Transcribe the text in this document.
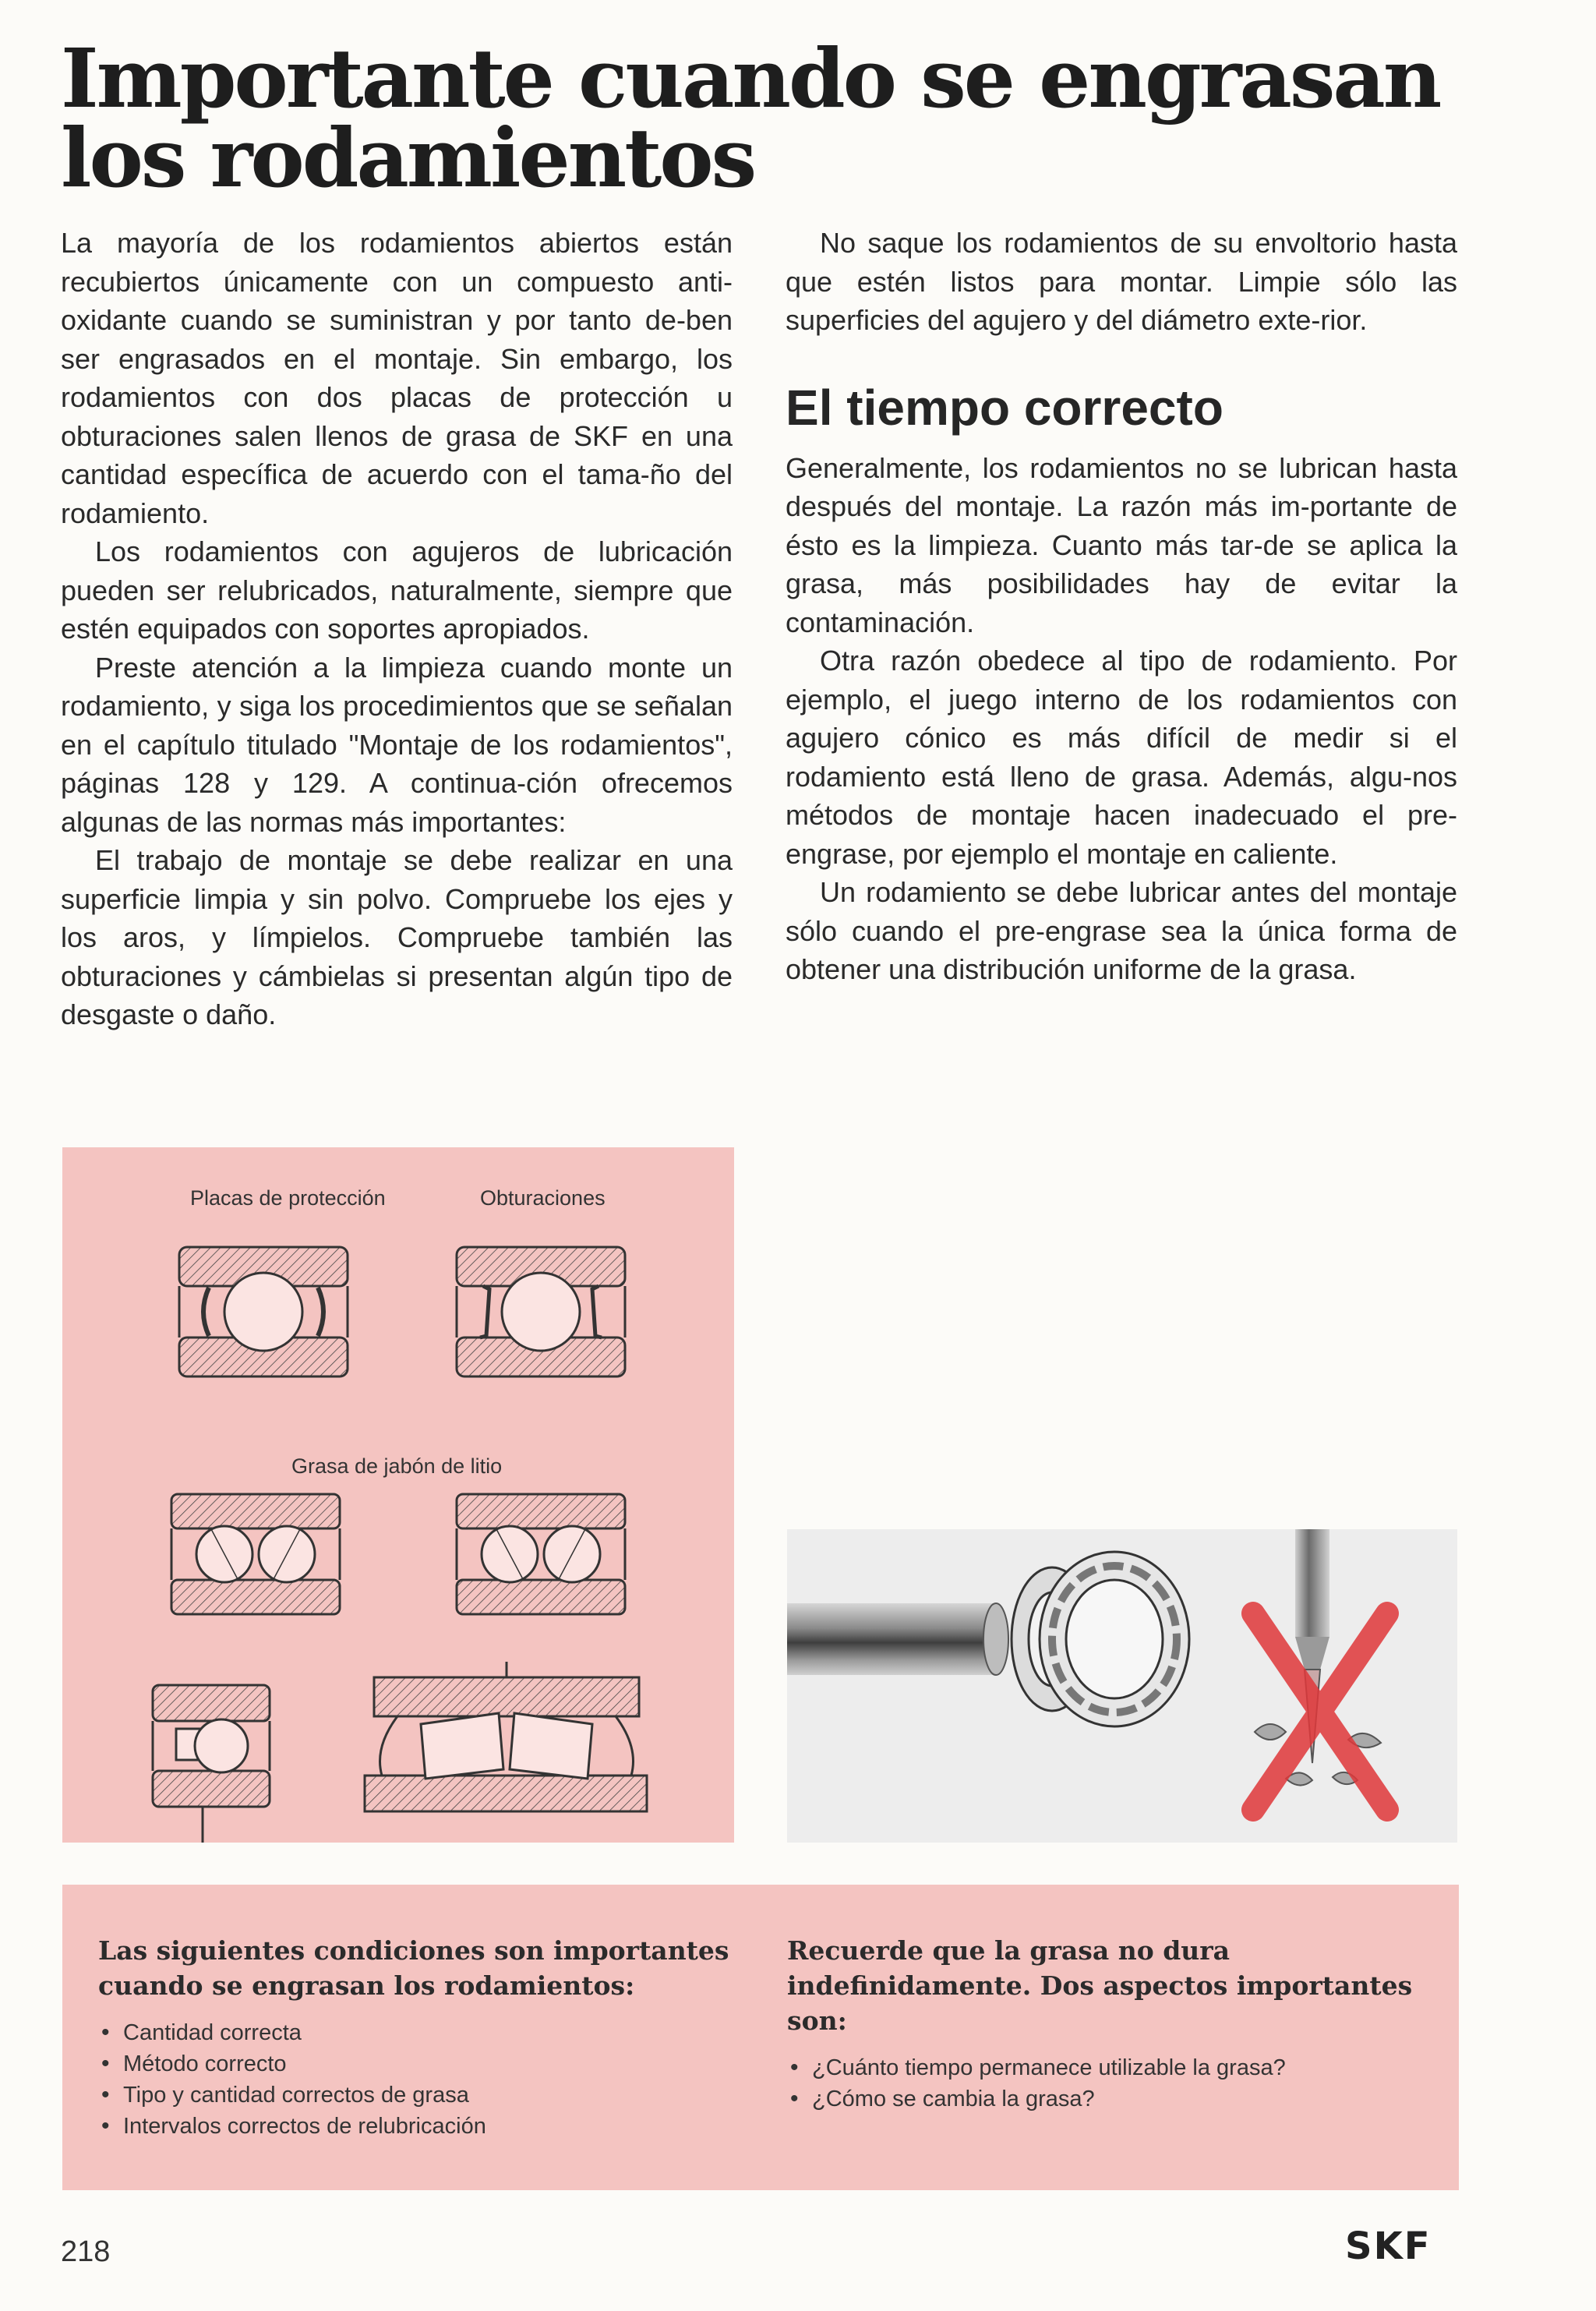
Importante cuando se engrasan los rodamientos

La mayoría de los rodamientos abiertos están recubiertos únicamente con un compuesto anti-oxidante cuando se suministran y por tanto de-ben ser engrasados en el montaje. Sin embargo, los rodamientos con dos placas de protección u obturaciones salen llenos de grasa de SKF en una cantidad específica de acuerdo con el tama-ño del rodamiento.

Los rodamientos con agujeros de lubricación pueden ser relubricados, naturalmente, siempre que estén equipados con soportes apropiados.

Preste atención a la limpieza cuando monte un rodamiento, y siga los procedimientos que se señalan en el capítulo titulado "Montaje de los rodamientos", páginas 128 y 129. A continua-ción ofrecemos algunas de las normas más importantes:

El trabajo de montaje se debe realizar en una superficie limpia y sin polvo. Compruebe los ejes y los aros, y límpielos. Compruebe también las obturaciones y cámbielas si presentan algún tipo de desgaste o daño.

No saque los rodamientos de su envoltorio hasta que estén listos para montar. Limpie sólo las superficies del agujero y del diámetro exte-rior.

El tiempo correcto

Generalmente, los rodamientos no se lubrican hasta después del montaje. La razón más im-portante de ésto es la limpieza. Cuanto más tar-de se aplica la grasa, más posibilidades hay de evitar la contaminación.

Otra razón obedece al tipo de rodamiento. Por ejemplo, el juego interno de los rodamientos con agujero cónico es más difícil de medir si el rodamiento está lleno de grasa. Además, algu-nos métodos de montaje hacen inadecuado el pre-engrase, por ejemplo el montaje en caliente.

Un rodamiento se debe lubricar antes del montaje sólo cuando el pre-engrase sea la única forma de obtener una distribución uniforme de la grasa.

Placas de protección	Obturaciones
Grasa de jabón de litio
Las siguientes condiciones son importantes cuando se engrasan los rodamientos:
• Cantidad correcta
• Método correcto
• Tipo y cantidad correctos de grasa
• Intervalos correctos de relubricación
Recuerde que la grasa no dura indefinidamente. Dos aspectos importantes son:
• ¿Cuánto tiempo permanece utilizable la grasa?
• ¿Cómo se cambia la grasa?
218	SKF
